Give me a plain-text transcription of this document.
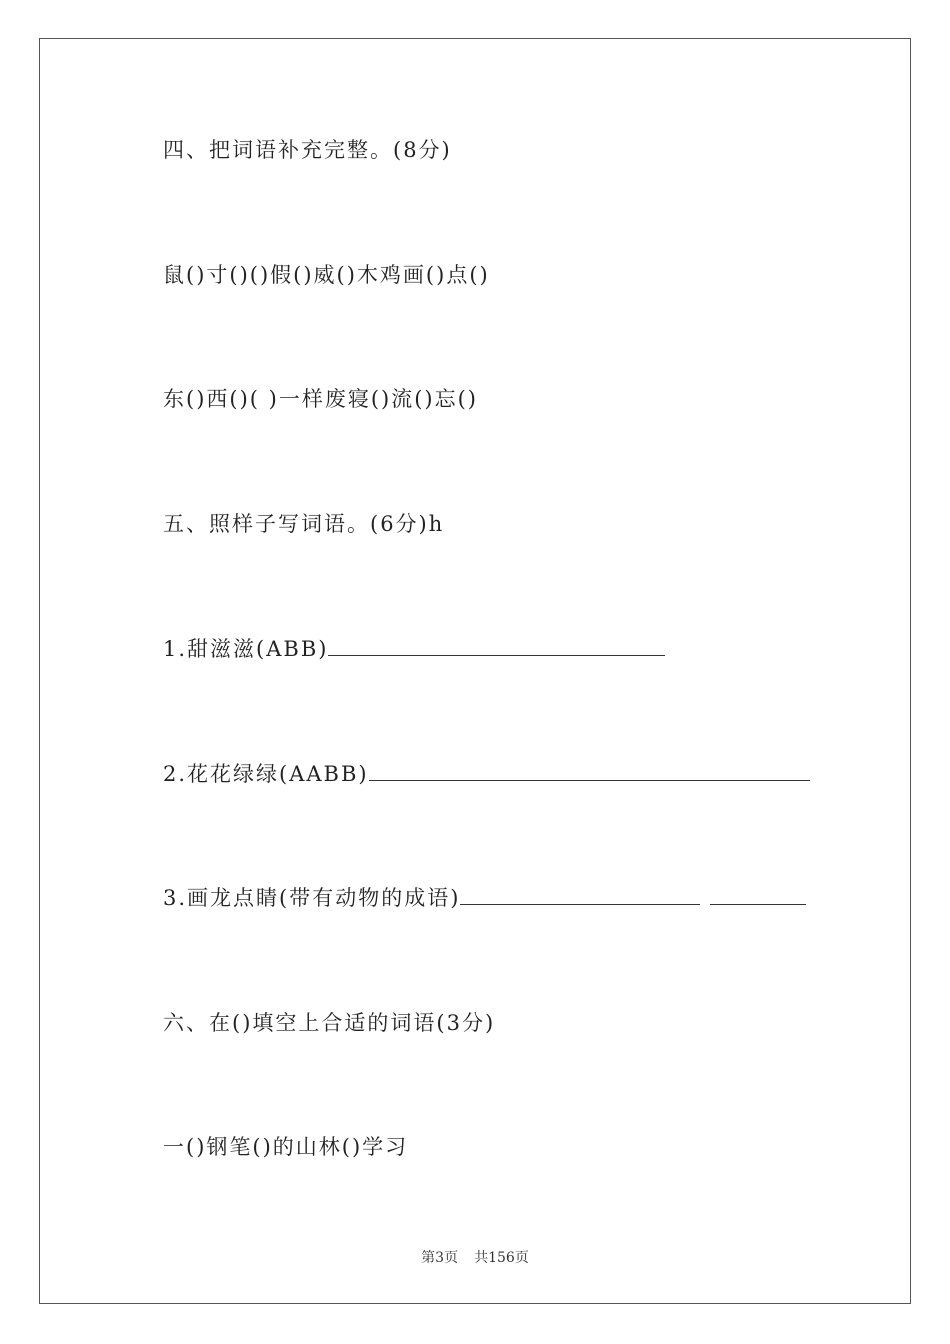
四、把词语补充完整。(8分)

鼠()寸()()假()威()木鸡画()点()

东()西()( )一样废寝()流()忘()

五、照样子写词语。(6分)h

1.甜滋滋(ABB)
2.花花绿绿(AABB)
3.画龙点睛(带有动物的成语)

六、在()填空上合适的词语(3分)

一()钢笔()的山林()学习

第3页 共156页
